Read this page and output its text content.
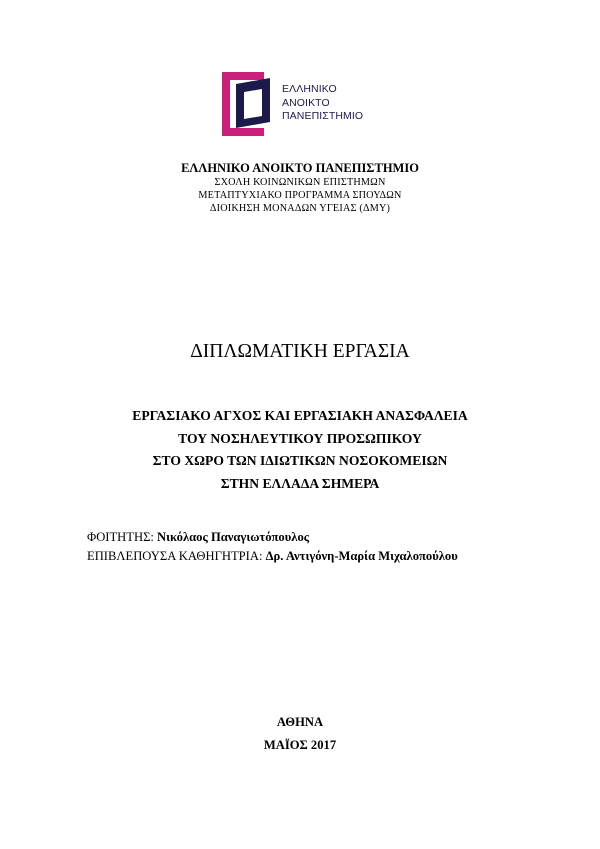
ΕΛΛΗΝΙΚΟ
ΑΝΟΙΚΤΟ
ΠΑΝΕΠΙΣΤΗΜΙΟ
ΕΛΛΗΝΙΚΟ ΑΝΟΙΚΤΟ ΠΑΝΕΠΙΣΤΗΜΙΟ
ΣΧΟΛΗ ΚΟΙΝΩΝΙΚΩΝ ΕΠΙΣΤΗΜΩΝ
ΜΕΤΑΠΤΥΧΙΑΚΟ ΠΡΟΓΡΑΜΜΑ ΣΠΟΥΔΩΝ
ΔΙΟΙΚΗΣΗ ΜΟΝΑΔΩΝ ΥΓΕΙΑΣ (ΔΜΥ)
ΔΙΠΛΩΜΑΤΙΚΗ ΕΡΓΑΣΙΑ
ΕΡΓΑΣΙΑΚΟ ΑΓΧΟΣ ΚΑΙ ΕΡΓΑΣΙΑΚΗ ΑΝΑΣΦΑΛΕΙΑ
ΤΟΥ ΝΟΣΗΛΕΥΤΙΚΟΥ ΠΡΟΣΩΠΙΚΟΥ
ΣΤΟ ΧΩΡΟ ΤΩΝ ΙΔΙΩΤΙΚΩΝ ΝΟΣΟΚΟΜΕΙΩΝ
ΣΤΗΝ ΕΛΛΑΔΑ ΣΗΜΕΡΑ
ΦΟΙΤΗΤΗΣ: Νικόλαος Παναγιωτόπουλος
ΕΠΙΒΛΕΠΟΥΣΑ ΚΑΘΗΓΗΤΡΙΑ: Δρ. Αντιγόνη-Μαρία Μιχαλοπούλου
ΑΘΗΝΑ
ΜΑΪΟΣ 2017
